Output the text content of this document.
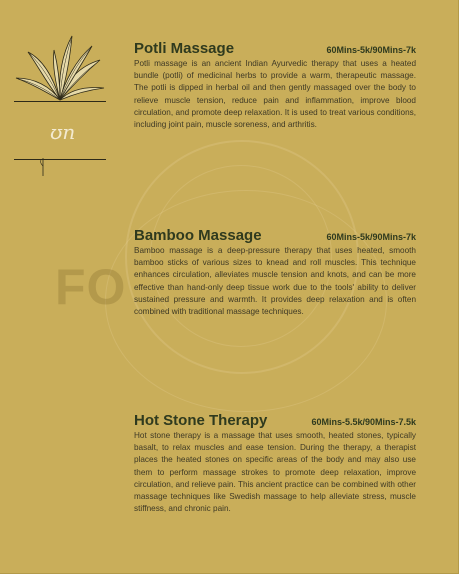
FO
ʊn
Potli Massage	60Mins-5k/90Mins-7k
Potli massage is an ancient Indian Ayurvedic therapy that uses a heated bundle (potli) of medicinal herbs to provide a warm, therapeutic massage. The potli is dipped in herbal oil and then gently massaged over the body to relieve muscle tension, reduce pain and inflammation, improve blood circulation, and promote deep relaxation. It is used to treat various conditions, including joint pain, muscle soreness, and arthritis.
Bamboo Massage	60Mins-5k/90Mins-7k
Bamboo massage is a deep-pressure therapy that uses heated, smooth bamboo sticks of various sizes to knead and roll muscles. This technique enhances circulation, alleviates muscle tension and knots, and can be more effective than hand-only deep tissue work due to the tools' ability to deliver sustained pressure and warmth. It provides deep relaxation and is often combined with traditional massage techniques.
Hot Stone Therapy	60Mins-5.5k/90Mins-7.5k
Hot stone therapy is a massage that uses smooth, heated stones, typically basalt, to relax muscles and ease tension. During the therapy, a therapist places the heated stones on specific areas of the body and may also use them to perform massage strokes to promote deep relaxation, improve circulation, and relieve pain. This ancient practice can be combined with other massage techniques like Swedish massage to help alleviate stress, muscle stiffness, and chronic pain.
